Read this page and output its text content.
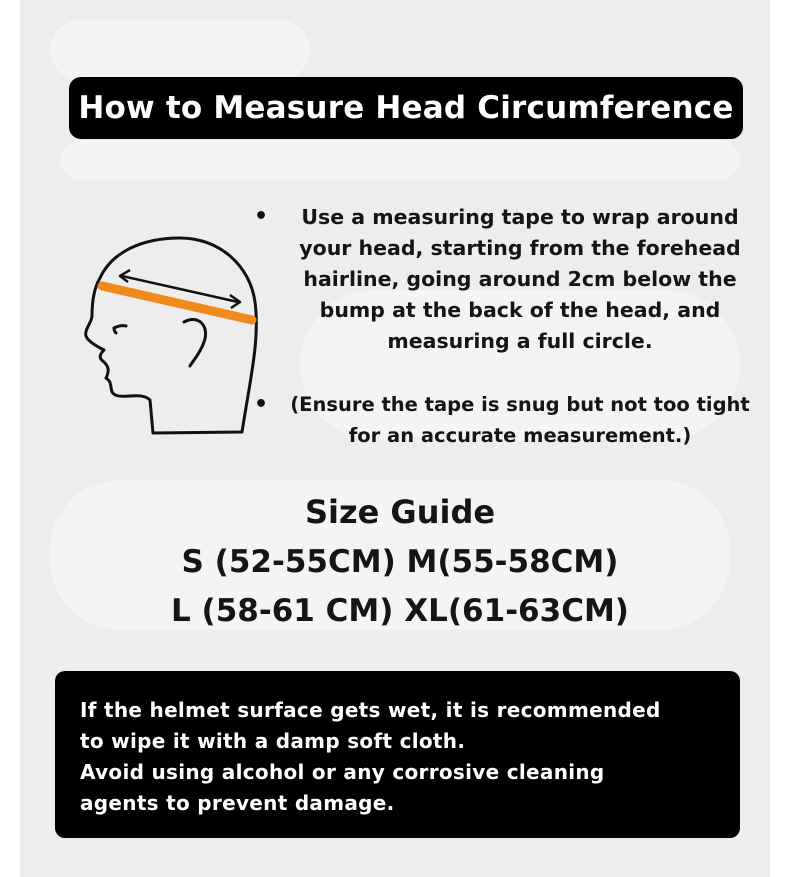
How to Measure Head Circumference
•	Use a measuring tape to wrap around
your head, starting from the forehead
hairline, going around 2cm below the
bump at the back of the head, and
measuring a full circle.
•	(Ensure the tape is snug but not too tight
for an accurate measurement.)
Size Guide
S (52-55CM) M(55-58CM)
L (58-61 CM) XL(61-63CM)
If the helmet surface gets wet, it is recommended
to wipe it with a damp soft cloth.
Avoid using alcohol or any corrosive cleaning
agents to prevent damage.
